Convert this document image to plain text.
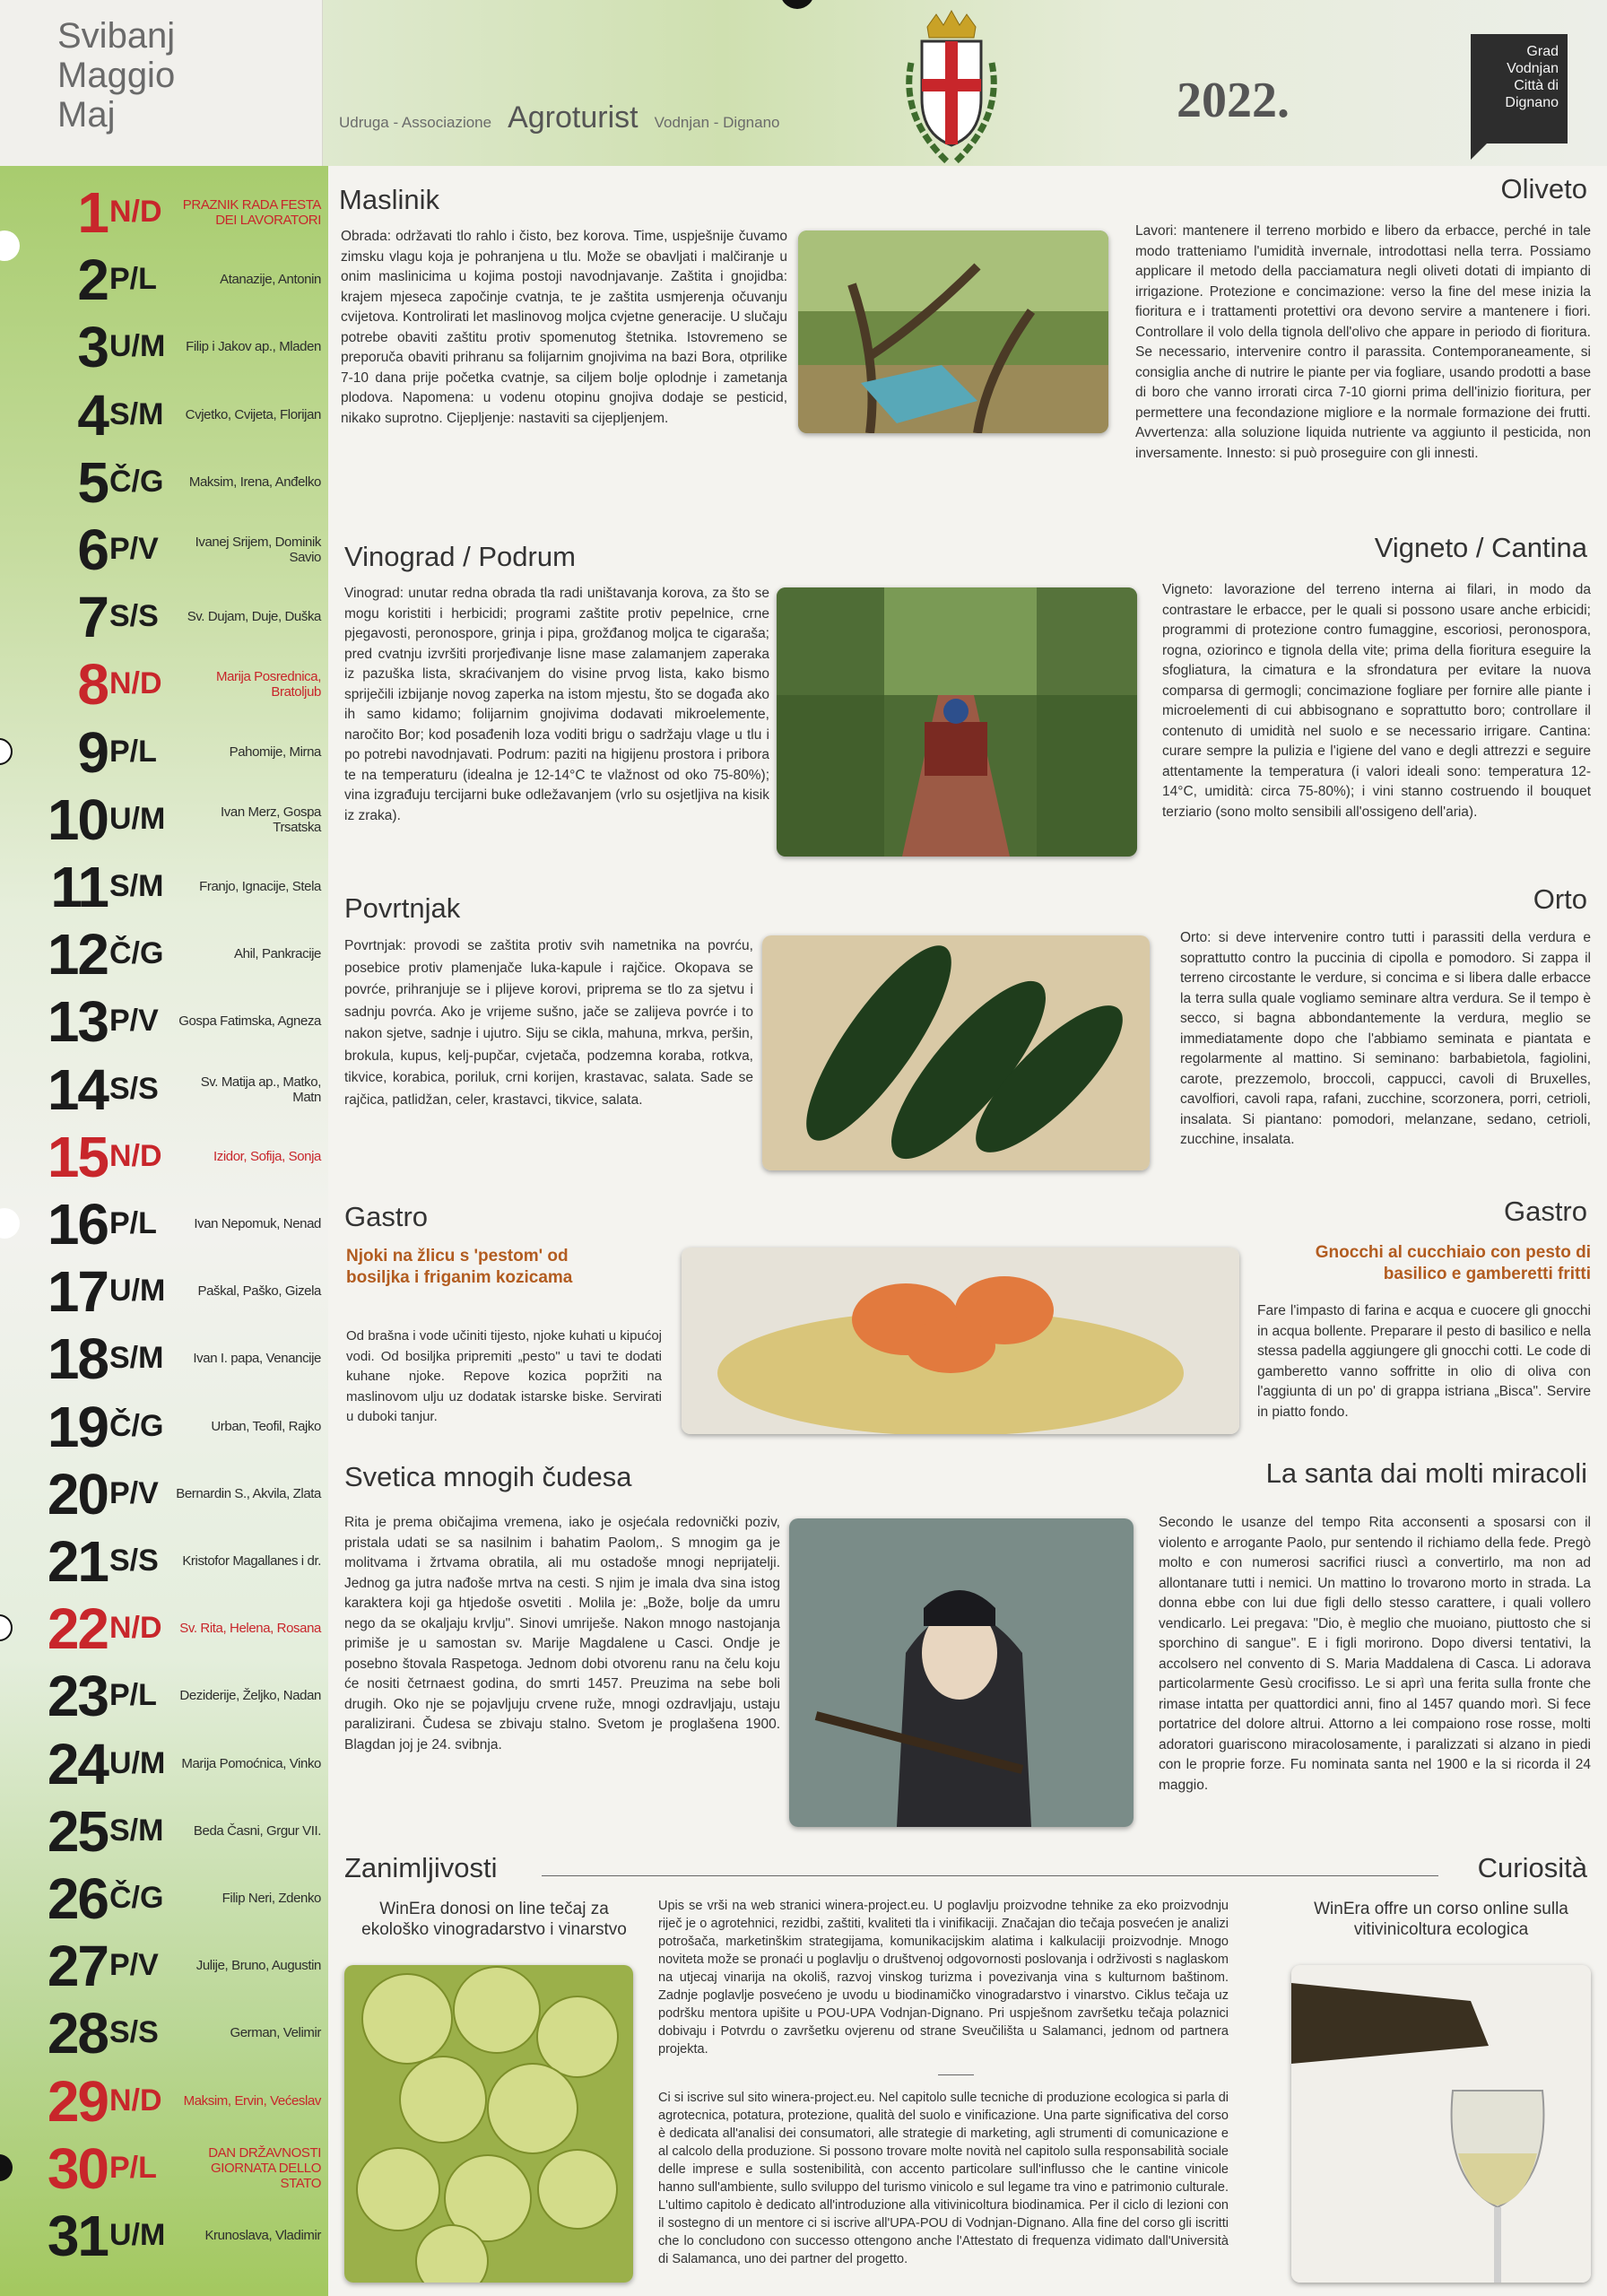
Svibanj
Maggio
Maj	Udruga - Associazione Agroturist Vodnjan - Dignano	2022.
Grad
Vodnjan
Città di
Dignano
1 N/D	PRAZNIK RADA FESTA DEI LAVORATORI
2 P/L	Atanazije, Antonin
3 U/M	Filip i Jakov ap., Mladen
4 S/M	Cvjetko, Cvijeta, Florijan
5 Č/G	Maksim, Irena, Anđelko
6 P/V	Ivanej Srijem, Dominik Savio
7 S/S	Sv. Dujam, Duje, Duška
8 N/D	Marija Posrednica, Bratoljub
9 P/L	Pahomije, Mirna
10 U/M	Ivan Merz, Gospa Trsatska
11 S/M	Franjo, Ignacije, Stela
12 Č/G	Ahil, Pankracije
13 P/V	Gospa Fatimska, Agneza
14 S/S	Sv. Matija ap., Matko, Matn
15 N/D	Izidor, Sofija, Sonja
16 P/L	Ivan Nepomuk, Nenad
17 U/M	Paškal, Paško, Gizela
18 S/M	Ivan I. papa, Venancije
19 Č/G	Urban, Teofil, Rajko
20 P/V	Bernardin S., Akvila, Zlata
21 S/S	Kristofor Magallanes i dr.
22 N/D	Sv. Rita, Helena, Rosana
23 P/L	Deziderije, Željko, Nadan
24 U/M	Marija Pomoćnica, Vinko
25 S/M	Beda Časni, Grgur VII.
26 Č/G	Filip Neri, Zdenko
27 P/V	Julije, Bruno, Augustin
28 S/S	German, Velimir
29 N/D	Maksim, Ervin, Većeslav
30 P/L	DAN DRŽAVNOSTI GIORNATA DELLO STATO
31 U/M	Krunoslava, Vladimir
Maslinik	Oliveto
Obrada: održavati tlo rahlo i čisto, bez korova. Time, uspješnije čuvamo zimsku vlagu koja je pohranjena u tlu. Može se obavljati i malčiranje u onim maslinicima u kojima postoji navodnjavanje. Zaštita i gnojidba: krajem mjeseca započinje cvatnja, te je zaštita usmjerenja očuvanju cvijetova. Kontrolirati let maslinovog moljca cvjetne generacije. U slučaju potrebe obaviti zaštitu protiv spomenutog štetnika. Istovremeno se preporuča obaviti prihranu sa folijarnim gnojivima na bazi Bora, otprilike 7-10 dana prije početka cvatnje, sa ciljem bolje oplodnje i zametanja plodova. Napomena: u vodenu otopinu gnojiva dodaje se pesticid, nikako suprotno. Cijepljenje: nastaviti sa cijepljenjem.
Lavori: mantenere il terreno morbido e libero da erbacce, perché in tale modo tratteniamo l'umidità invernale, introdottasi nella terra. Possiamo applicare il metodo della pacciamatura negli oliveti dotati di impianto di irrigazione. Protezione e concimazione: verso la fine del mese inizia la fioritura e i trattamenti protettivi ora devono servire a mantenere i fiori. Controllare il volo della tignola dell'olivo che appare in periodo di fioritura. Se necessario, intervenire contro il parassita. Contemporaneamente, si consiglia anche di nutrire le piante per via fogliare, usando prodotti a base di boro che vanno irrorati circa 7-10 giorni prima dell'inizio fioritura, per permettere una fecondazione migliore e la normale formazione dei frutti. Avvertenza: alla soluzione liquida nutriente va aggiunto il pesticida, non inversamente. Innesto: si può proseguire con gli innesti.
Vinograd / Podrum	Vigneto / Cantina
Vinograd: unutar redna obrada tla radi uništavanja korova, za što se mogu koristiti i herbicidi; programi zaštite protiv pepelnice, crne pjegavosti, peronospore, grinja i pipa, grožđanog moljca te cigaraša; pred cvatnju izvršiti prorjeđivanje lisne mase zalamanjem zaperaka iz pazuška lista, skraćivanjem do visine prvog lista, kako bismo spriječili izbijanje novog zaperka na istom mjestu, što se događa ako ih samo kidamo; folijarnim gnojivima dodavati mikroelemente, naročito Bor; kod posađenih loza voditi brigu o sadržaju vlage u tlu i po potrebi navodnjavati. Podrum: paziti na higijenu prostora i pribora te na temperaturu (idealna je 12-14°C te vlažnost od oko 75-80%); vina izgrađuju tercijarni buke odležavanjem (vrlo su osjetljiva na kisik iz zraka).
Vigneto: lavorazione del terreno interna ai filari, in modo da contrastare le erbacce, per le quali si possono usare anche erbicidi; programmi di protezione contro fumaggine, escoriosi, peronospora, rogna, oziorinco e tignola della vite; prima della fioritura eseguire la sfogliatura, la cimatura e la sfrondatura per evitare la nuova comparsa di germogli; concimazione fogliare per fornire alle piante i microelementi di cui abbisognano e soprattutto boro; controllare il contenuto di umidità nel suolo e se necessario irrigare. Cantina: curare sempre la pulizia e l'igiene del vano e degli attrezzi e seguire attentamente la temperatura (i valori ideali sono: temperatura 12-14°C, umidità: circa 75-80%); i vini stanno costruendo il bouquet terziario (sono molto sensibili all'ossigeno dell'aria).
Povrtnjak	Orto
Povrtnjak: provodi se zaštita protiv svih nametnika na povrću, posebice protiv plamenjače luka-kapule i rajčice. Okopava se povrće, prihranjuje se i plijeve korovi, priprema se tlo za sjetvu i sadnju povrća. Ako je vrijeme sušno, jače se zalijeva povrće i to nakon sjetve, sadnje i ujutro. Siju se cikla, mahuna, mrkva, peršin, brokula, kupus, kelj-pupčar, cvjetača, podzemna koraba, rotkva, tikvice, korabica, poriluk, crni korijen, krastavac, salata. Sade se rajčica, patlidžan, celer, krastavci, tikvice, salata.
Orto: si deve intervenire contro tutti i parassiti della verdura e soprattutto contro la puccinia di cipolla e pomodoro. Si zappa il terreno circostante le verdure, si concima e si libera dalle erbacce la terra sulla quale vogliamo seminare altra verdura. Se il tempo è secco, si bagna abbondantemente la verdura, meglio se immediatamente dopo che l'abbiamo seminata e piantata e regolarmente al mattino. Si seminano: barbabietola, fagiolini, carote, prezzemolo, broccoli, cappucci, cavoli di Bruxelles, cavolfiori, cavoli rapa, rafani, zucchine, scorzonera, porri, cetrioli, insalata. Si piantano: pomodori, melanzane, sedano, cetrioli, zucchine, insalata.
Gastro	Gastro
Njoki na žlicu s 'pestom' od bosiljka i friganim kozicama
Od brašna i vode učiniti tijesto, njoke kuhati u kipućoj vodi. Od bosiljka pripremiti „pesto" u tavi te dodati kuhane njoke. Repove kozica popržiti na maslinovom ulju uz dodatak istarske biske. Servirati u duboki tanjur.
Gnocchi al cucchiaio con pesto di basilico e gamberetti fritti
Fare l'impasto di farina e acqua e cuocere gli gnocchi in acqua bollente. Preparare il pesto di basilico e nella stessa padella aggiungere gli gnocchi cotti. Le code di gamberetto vanno soffritte in olio di oliva con l'aggiunta di un po' di grappa istriana „Bisca". Servire in piatto fondo.
Svetica mnogih čudesa	La santa dai molti miracoli
Rita je prema običajima vremena, iako je osjećala redovnički poziv, pristala udati se sa nasilnim i bahatim Paolom,. S mnogim ga je molitvama i žrtvama obratila, ali mu ostadoše mnogi neprijatelji. Jednog ga jutra nađoše mrtva na cesti. S njim je imala dva sina istog karaktera koji ga htjedoše osvetiti . Molila je: „Bože, bolje da umru nego da se okaljaju krvlju". Sinovi umriješe. Nakon mnogo nastojanja primiše je u samostan sv. Marije Magdalene u Casci. Ondje je posebno štovala Raspetoga. Jednom dobi otvorenu ranu na čelu koju će nositi četrnaest godina, do smrti 1457. Preuzima na sebe boli drugih. Oko nje se pojavljuju crvene ruže, mnogi ozdravljaju, ustaju paralizirani. Čudesa se zbivaju stalno. Svetom je proglašena 1900. Blagdan joj je 24. svibnja.
Secondo le usanze del tempo Rita acconsenti a sposarsi con il violento e arrogante Paolo, pur sentendo il richiamo della fede. Pregò molto e con numerosi sacrifici riuscì a convertirlo, ma non ad allontanare tutti i nemici. Un mattino lo trovarono morto in strada. La donna ebbe con lui due figli dello stesso carattere, i quali vollero vendicarlo. Lei pregava: "Dio, è meglio che muoiano, piuttosto che si sporchino di sangue". E i figli morirono. Dopo diversi tentativi, la accolsero nel convento di S. Maria Maddalena di Casca. Li adorava particolarmente Gesù crocifisso. Le si aprì una ferita sulla fronte che rimase intatta per quattordici anni, fino al 1457 quando morì. Si fece portatrice del dolore altrui. Attorno a lei compaiono rose rosse, molti adoratori guariscono miracolosamente, i paralizzati si alzano in piedi con le proprie forze. Fu nominata santa nel 1900 e la si ricorda il 24 maggio.
Zanimljivosti	Curiosità
WinEra donosi on line tečaj za ekološko vinogradarstvo i vinarstvo
Upis se vrši na web stranici winera-project.eu. U poglavlju proizvodne tehnike za eko proizvodnju riječ je o agrotehnici, rezidbi, zaštiti, kvaliteti tla i vinifikaciji. Značajan dio tečaja posvećen je analizi potrošača, marketinškim strategijama, komunikacijskim alatima i kalkulaciji proizvodnje. Mnogo noviteta može se pronaći u poglavlju o društvenoj odgovornosti poslovanja i održivosti s naglaskom na utjecaj vinarija na okoliš, razvoj vinskog turizma i povezivanja vina s kulturnom baštinom. Zadnje poglavlje posvećeno je uvodu u biodinamičko vinogradarstvo i vinarstvo. Ciklus tečaja uz podršku mentora upišite u POU-UPA Vodnjan-Dignano. Pri uspješnom završetku tečaja polaznici dobivaju i Potvrdu o završetku ovjerenu od strane Sveučilišta u Salamanci, jednom od partnera projekta.
Ci si iscrive sul sito winera-project.eu. Nel capitolo sulle tecniche di produzione ecologica si parla di agrotecnica, potatura, protezione, qualità del suolo e vinificazione. Una parte significativa del corso è dedicata all'analisi dei consumatori, alle strategie di marketing, agli strumenti di comunicazione e al calcolo della produzione. Si possono trovare molte novità nel capitolo sulla responsabilità sociale delle imprese e sulla sostenibilità, con accento particolare sull'influsso che le cantine vinicole hanno sull'ambiente, sullo sviluppo del turismo vinicolo e sul legame tra vino e patrimonio culturale. L'ultimo capitolo è dedicato all'introduzione alla vitivinicoltura biodinamica. Per il ciclo di lezioni con il sostegno di un mentore ci si iscrive all'UPA-POU di Vodnjan-Dignano. Alla fine del corso gli iscritti che lo concludono con successo ottengono anche l'Attestato di frequenza vidimato dall'Università di Salamanca, uno dei partner del progetto.
WinEra offre un corso online sulla vitivinicoltura ecologica
